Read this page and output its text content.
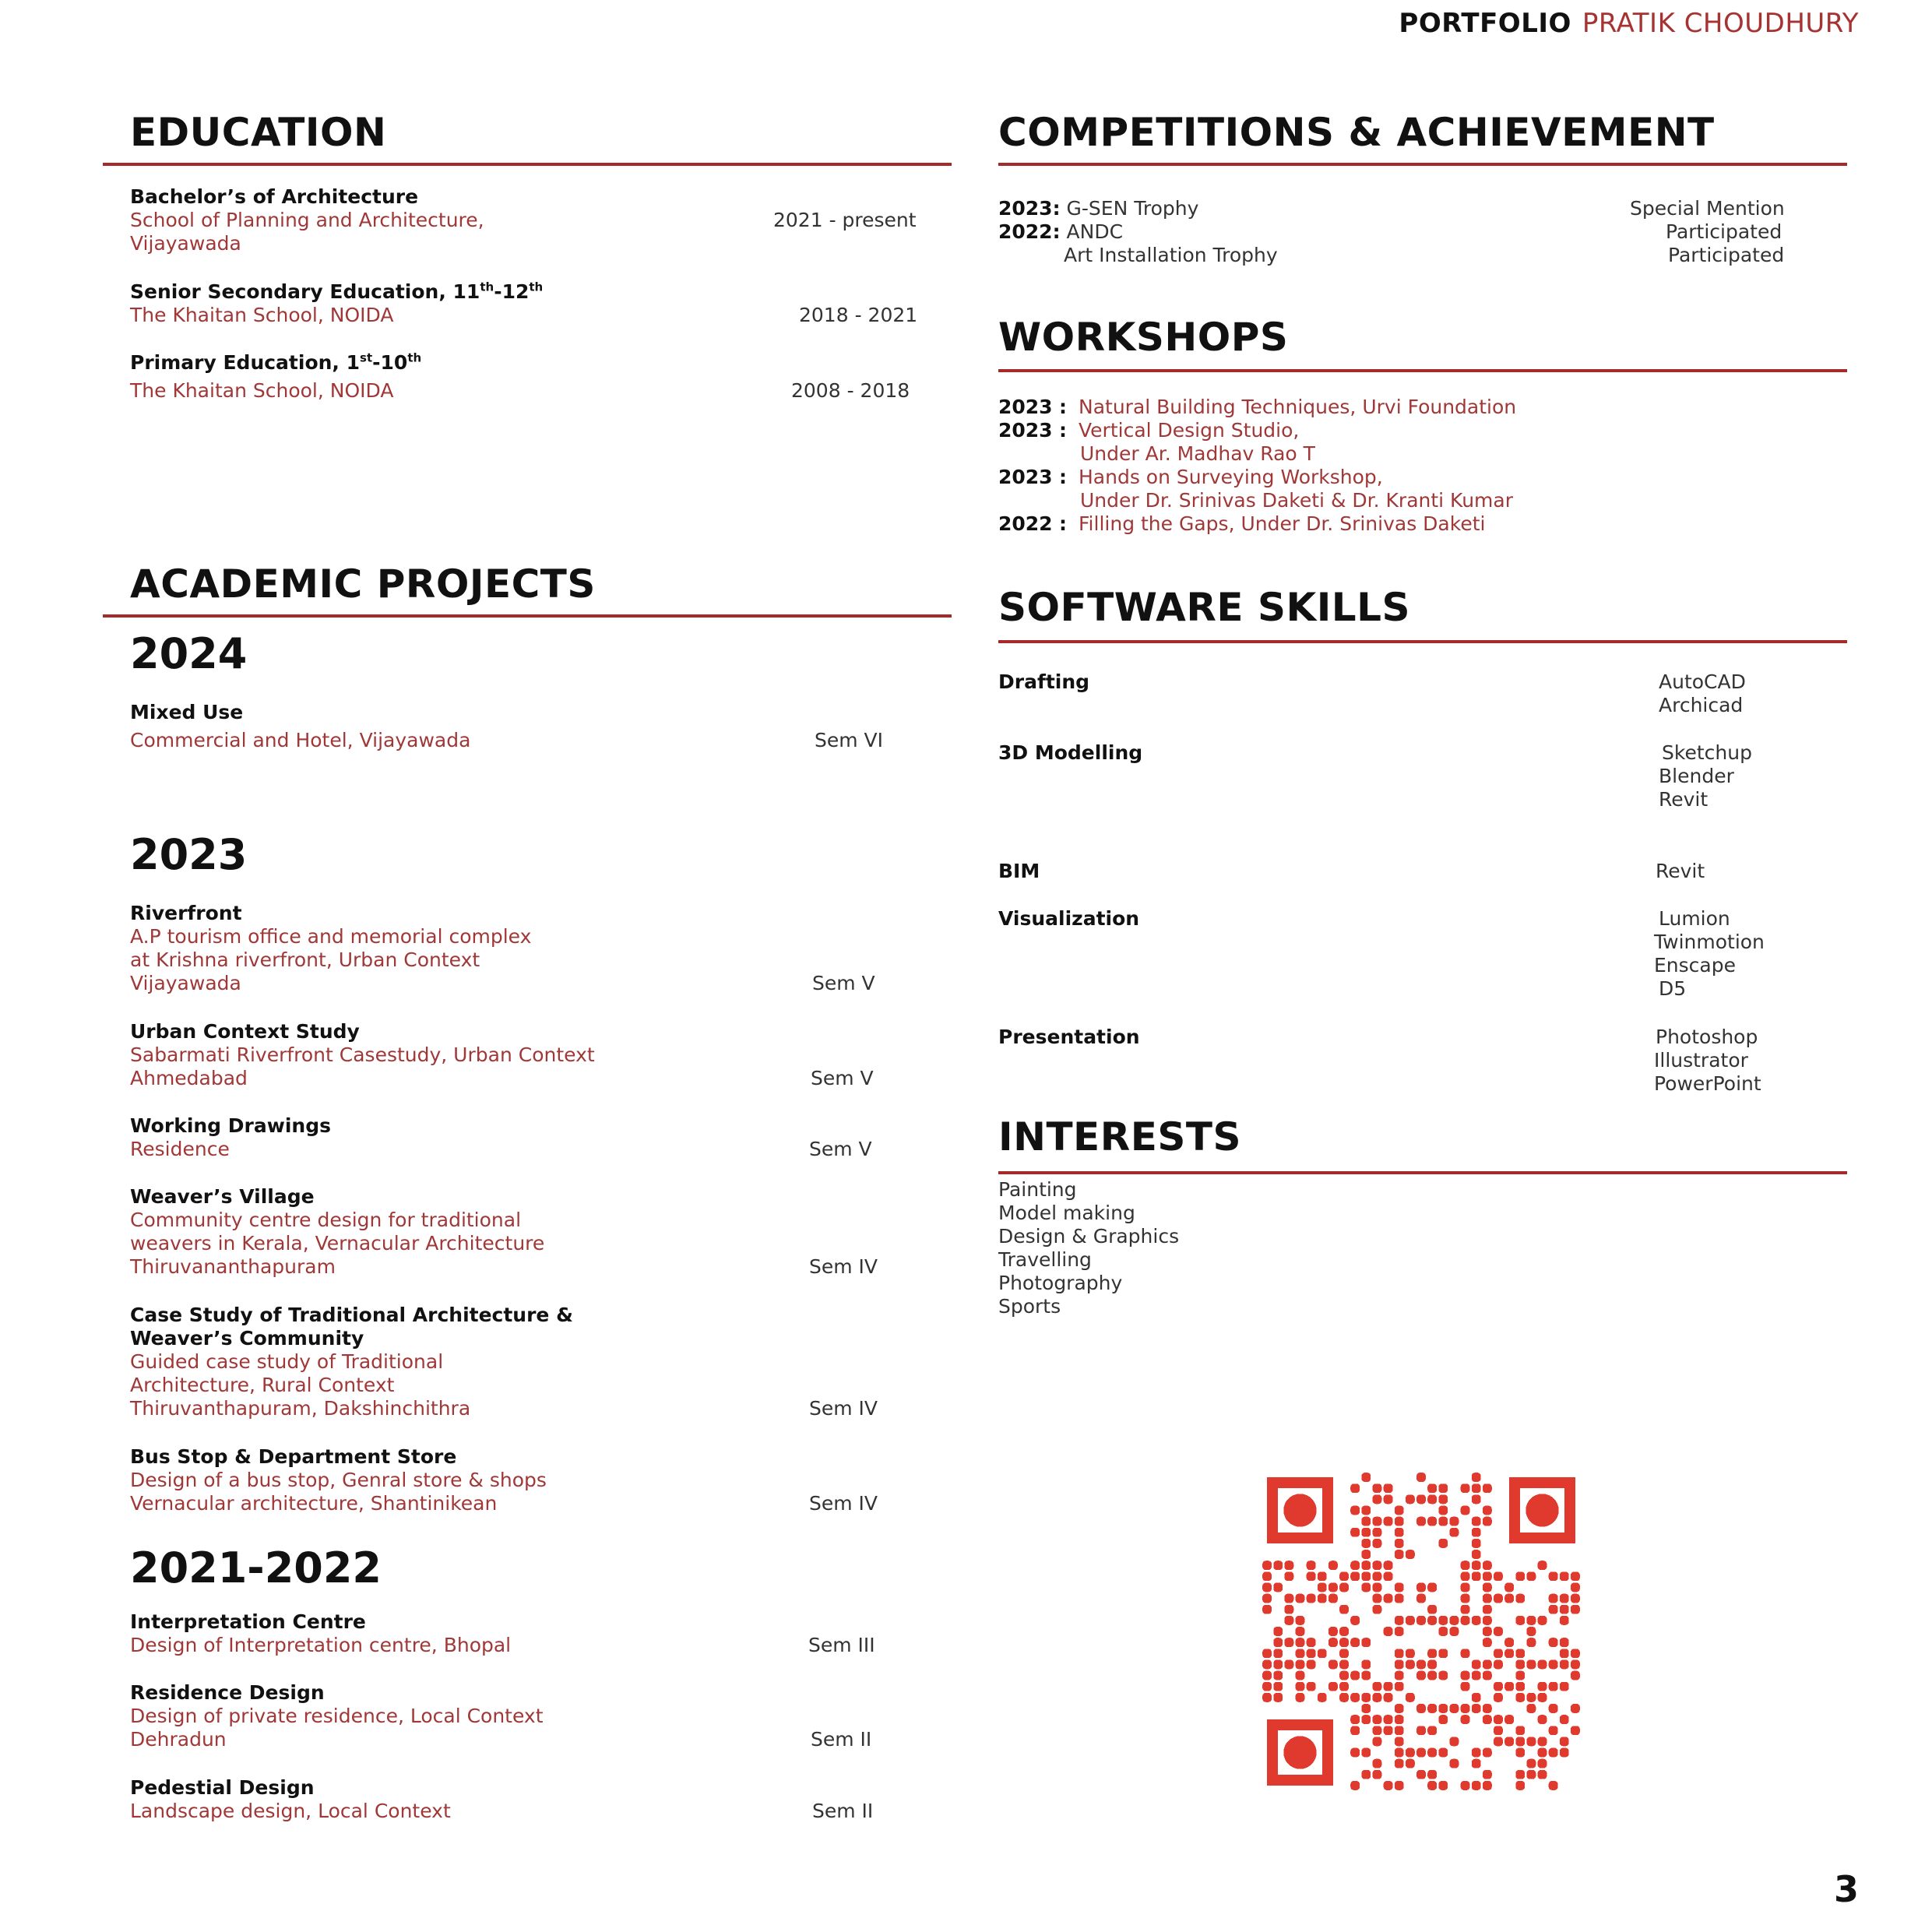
PORTFOLIO PRATIK CHOUDHURY
EDUCATION
Bachelor’s of Architecture
School of Planning and Architecture,
Vijayawada
2021 - present
Senior Secondary Education, 11th-12th
The Khaitan School, NOIDA	2018 - 2021
Primary Education, 1st-10th
The Khaitan School, NOIDA	2008 - 2018
ACADEMIC PROJECTS
2024
Mixed Use
Commercial and Hotel, Vijayawada	Sem VI
2023
Riverfront
A.P tourism office and memorial complex
at Krishna riverfront, Urban Context
Vijayawada	Sem V
Urban Context Study
Sabarmati Riverfront Casestudy, Urban Context
Ahmedabad	Sem V
Working Drawings
Residence	Sem V
Weaver’s Village
Community centre design for traditional
weavers in Kerala, Vernacular Architecture
Thiruvananthapuram	Sem IV
Case Study of Traditional Architecture &
Weaver’s Community
Guided case study of Traditional
Architecture, Rural Context
Thiruvanthapuram, Dakshinchithra	Sem IV
Bus Stop & Department Store
Design of a bus stop, Genral store & shops
Vernacular architecture, Shantinikean	Sem IV
2021-2022
Interpretation Centre
Design of Interpretation centre, Bhopal	Sem III
Residence Design
Design of private residence, Local Context
Dehradun	Sem II
Pedestial Design
Landscape design, Local Context	Sem II
COMPETITIONS & ACHIEVEMENT
2023: G-SEN Trophy	Special Mention
2022: ANDC	Participated
Art Installation Trophy	Participated
WORKSHOPS
2023 : Natural Building Techniques, Urvi Foundation
2023 : Vertical Design Studio,
Under Ar. Madhav Rao T
2023 : Hands on Surveying Workshop,
Under Dr. Srinivas Daketi & Dr. Kranti Kumar
2022 : Filling the Gaps, Under Dr. Srinivas Daketi
SOFTWARE SKILLS
Drafting	AutoCAD
Archicad
3D Modelling	Sketchup
Blender
Revit
BIM	Revit
Visualization	Lumion
Twinmotion
Enscape
D5
Presentation	Photoshop
Illustrator
PowerPoint
INTERESTS
Painting
Model making
Design & Graphics
Travelling
Photography
Sports
3
